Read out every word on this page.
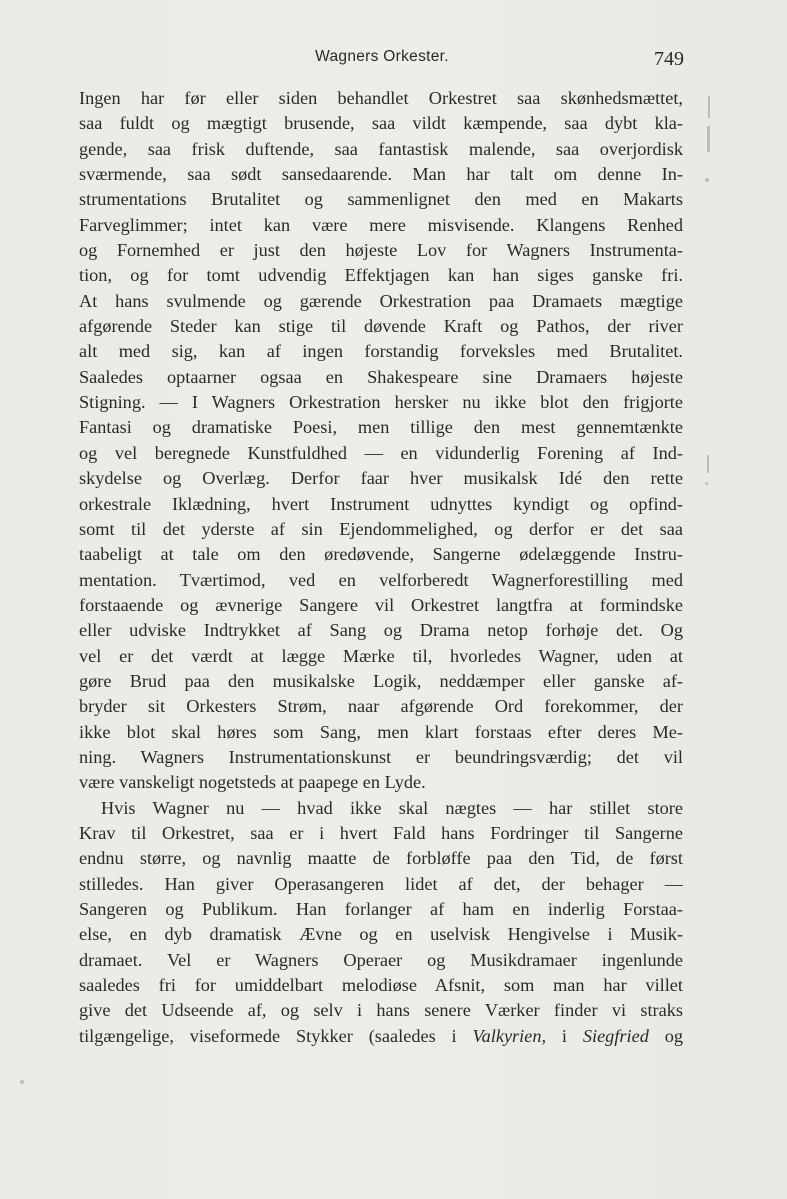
Wagners Orkester.	749
Ingen har før eller siden behandlet Orkestret saa skønhedsmættet,
saa fuldt og mægtigt brusende, saa vildt kæmpende, saa dybt kla-
gende, saa frisk duftende, saa fantastisk malende, saa overjordisk
sværmende, saa sødt sansedaarende. Man har talt om denne In-
strumentations Brutalitet og sammenlignet den med en Makarts
Farveglimmer; intet kan være mere misvisende. Klangens Renhed
og Fornemhed er just den højeste Lov for Wagners Instrumenta-
tion, og for tomt udvendig Effektjagen kan han siges ganske fri.
At hans svulmende og gærende Orkestration paa Dramaets mægtige
afgørende Steder kan stige til døvende Kraft og Pathos, der river
alt med sig, kan af ingen forstandig forveksles med Brutalitet.
Saaledes optaarner ogsaa en Shakespeare sine Dramaers højeste
Stigning. — I Wagners Orkestration hersker nu ikke blot den frigjorte
Fantasi og dramatiske Poesi, men tillige den mest gennemtænkte
og vel beregnede Kunstfuldhed — en vidunderlig Forening af Ind-
skydelse og Overlæg. Derfor faar hver musikalsk Idé den rette
orkestrale Iklædning, hvert Instrument udnyttes kyndigt og opfind-
somt til det yderste af sin Ejendommelighed, og derfor er det saa
taabeligt at tale om den øredøvende, Sangerne ødelæggende Instru-
mentation. Tværtimod, ved en velforberedt Wagnerforestilling med
forstaaende og ævnerige Sangere vil Orkestret langtfra at formindske
eller udviske Indtrykket af Sang og Drama netop forhøje det. Og
vel er det værdt at lægge Mærke til, hvorledes Wagner, uden at
gøre Brud paa den musikalske Logik, neddæmper eller ganske af-
bryder sit Orkesters Strøm, naar afgørende Ord forekommer, der
ikke blot skal høres som Sang, men klart forstaas efter deres Me-
ning. Wagners Instrumentationskunst er beundringsværdig; det vil
være vanskeligt nogetsteds at paapege en Lyde.
Hvis Wagner nu — hvad ikke skal nægtes — har stillet store
Krav til Orkestret, saa er i hvert Fald hans Fordringer til Sangerne
endnu større, og navnlig maatte de forbløffe paa den Tid, de først
stilledes. Han giver Operasangeren lidet af det, der behager —
Sangeren og Publikum. Han forlanger af ham en inderlig Forstaa-
else, en dyb dramatisk Ævne og en uselvisk Hengivelse i Musik-
dramaet. Vel er Wagners Operaer og Musikdramaer ingenlunde
saaledes fri for umiddelbart melodiøse Afsnit, som man har villet
give det Udseende af, og selv i hans senere Værker finder vi straks
tilgængelige, viseformede Stykker (saaledes i Valkyrien, i Siegfried og
